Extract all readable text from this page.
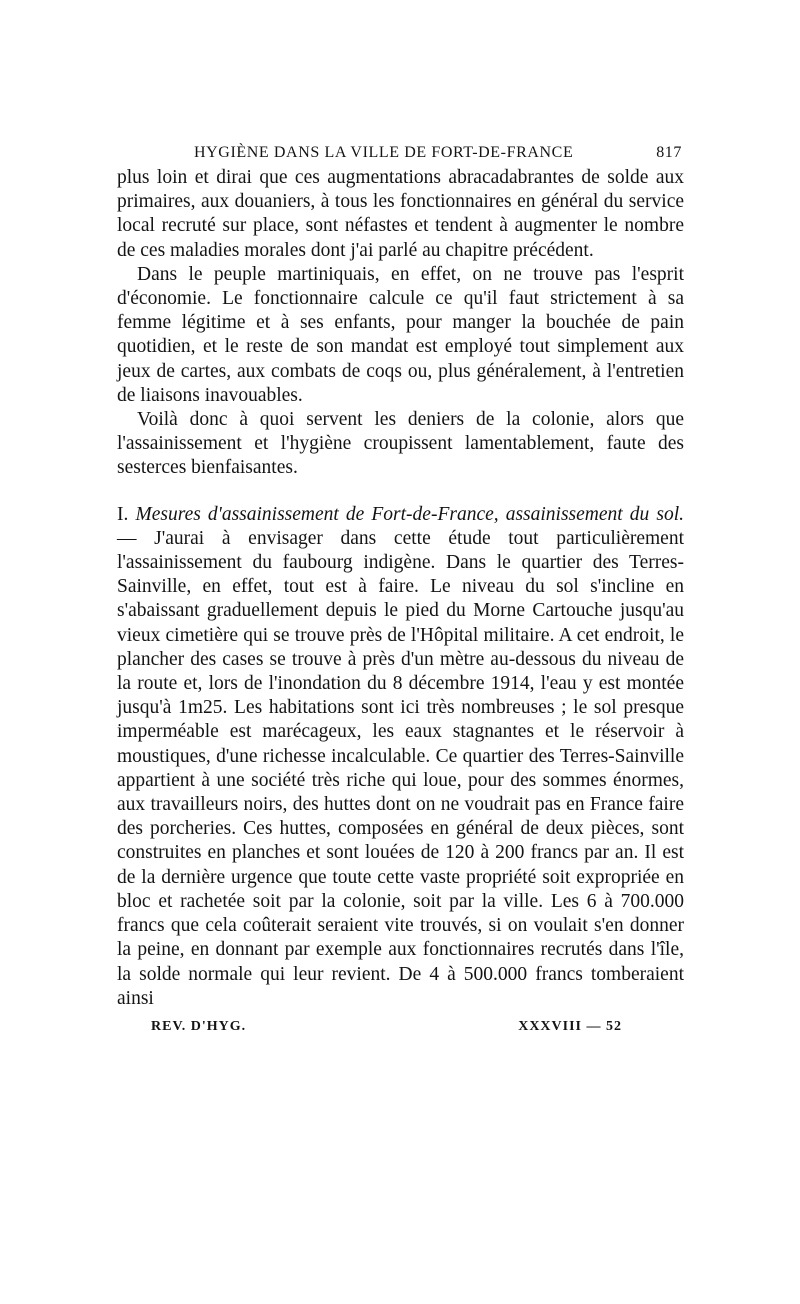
HYGIÈNE DANS LA VILLE DE FORT-DE-FRANCE	817

plus loin et dirai que ces augmentations abracadabrantes de solde aux primaires, aux douaniers, à tous les fonctionnaires en général du service local recruté sur place, sont néfastes et tendent à augmenter le nombre de ces maladies morales dont j'ai parlé au chapitre précédent.

Dans le peuple martiniquais, en effet, on ne trouve pas l'esprit d'économie. Le fonctionnaire calcule ce qu'il faut strictement à sa femme légitime et à ses enfants, pour manger la bouchée de pain quotidien, et le reste de son mandat est employé tout simplement aux jeux de cartes, aux combats de coqs ou, plus généralement, à l'entretien de liaisons inavouables.

Voilà donc à quoi servent les deniers de la colonie, alors que l'assainissement et l'hygiène croupissent lamentablement, faute des sesterces bienfaisantes.

I. Mesures d'assainissement de Fort-de-France, assainissement du sol. — J'aurai à envisager dans cette étude tout particulièrement l'assainissement du faubourg indigène. Dans le quartier des Terres-Sainville, en effet, tout est à faire. Le niveau du sol s'incline en s'abaissant graduellement depuis le pied du Morne Cartouche jusqu'au vieux cimetière qui se trouve près de l'Hôpital militaire. A cet endroit, le plancher des cases se trouve à près d'un mètre au-dessous du niveau de la route et, lors de l'inondation du 8 décembre 1914, l'eau y est montée jusqu'à 1m25. Les habitations sont ici très nombreuses ; le sol presque imperméable est marécageux, les eaux stagnantes et le réservoir à moustiques, d'une richesse incalculable. Ce quartier des Terres-Sainville appartient à une société très riche qui loue, pour des sommes énormes, aux travailleurs noirs, des huttes dont on ne voudrait pas en France faire des porcheries. Ces huttes, composées en général de deux pièces, sont construites en planches et sont louées de 120 à 200 francs par an. Il est de la dernière urgence que toute cette vaste propriété soit expropriée en bloc et rachetée soit par la colonie, soit par la ville. Les 6 à 700.000 francs que cela coûterait seraient vite trouvés, si on voulait s'en donner la peine, en donnant par exemple aux fonctionnaires recrutés dans l'île, la solde normale qui leur revient. De 4 à 500.000 francs tomberaient ainsi

REV. D'HYG.	XXXVIII — 52
